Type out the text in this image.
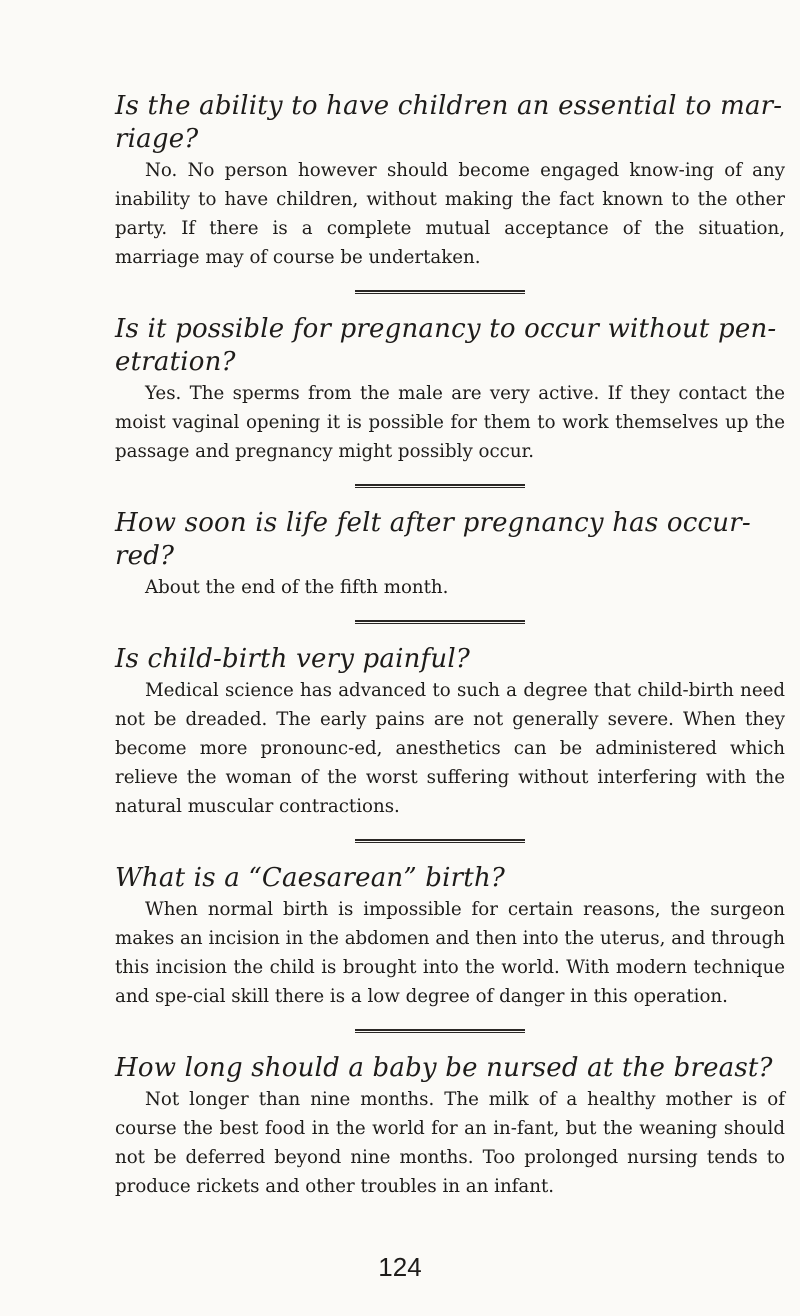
Is the ability to have children an essential to mar-riage?

No. No person however should become engaged know-ing of any inability to have children, without making the fact known to the other party. If there is a complete mutual acceptance of the situation, marriage may of course be undertaken.

Is it possible for pregnancy to occur without pen-etration?

Yes. The sperms from the male are very active. If they contact the moist vaginal opening it is possible for them to work themselves up the passage and pregnancy might possibly occur.

How soon is life felt after pregnancy has occur-red?

About the end of the fifth month.

Is child-birth very painful?

Medical science has advanced to such a degree that child-birth need not be dreaded. The early pains are not generally severe. When they become more pronounc-ed, anesthetics can be administered which relieve the woman of the worst suffering without interfering with the natural muscular contractions.

What is a “Caesarean” birth?

When normal birth is impossible for certain reasons, the surgeon makes an incision in the abdomen and then into the uterus, and through this incision the child is brought into the world. With modern technique and spe-cial skill there is a low degree of danger in this operation.

How long should a baby be nursed at the breast?

Not longer than nine months. The milk of a healthy mother is of course the best food in the world for an in-fant, but the weaning should not be deferred beyond nine months. Too prolonged nursing tends to produce rickets and other troubles in an infant.

124
